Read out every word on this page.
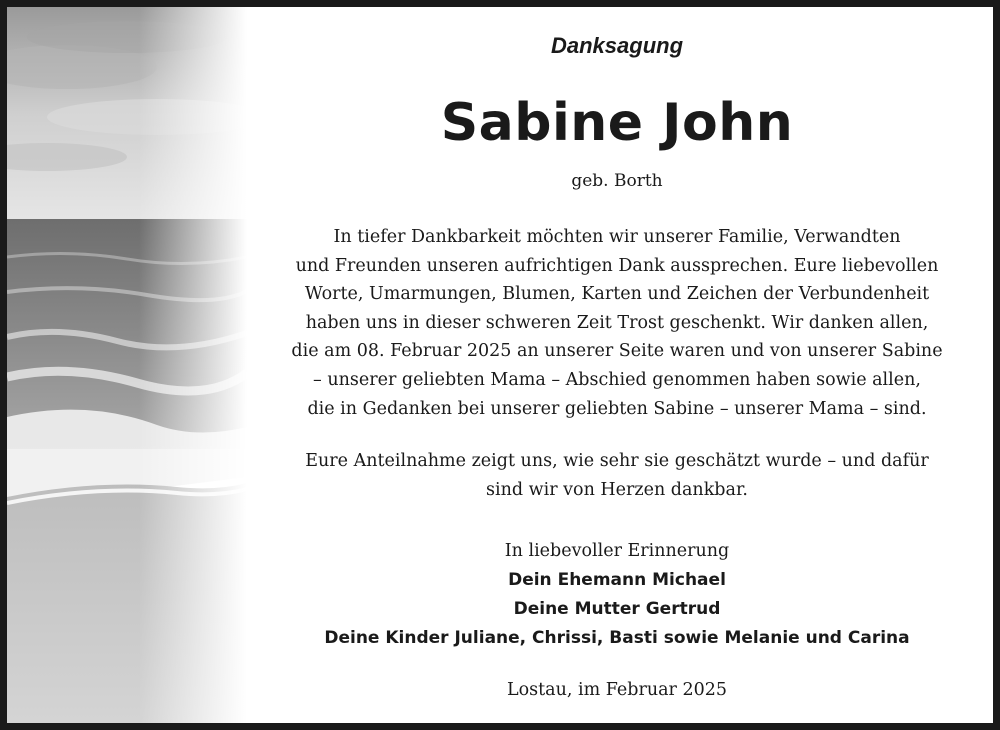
Danksagung
Sabine John
geb. Borth
In tiefer Dankbarkeit möchten wir unserer Familie, Verwandten
und Freunden unseren aufrichtigen Dank aussprechen. Eure liebevollen
Worte, Umarmungen, Blumen, Karten und Zeichen der Verbundenheit
haben uns in dieser schweren Zeit Trost geschenkt. Wir danken allen,
die am 08. Februar 2025 an unserer Seite waren und von unserer Sabine
– unserer geliebten Mama – Abschied genommen haben sowie allen,
die in Gedanken bei unserer geliebten Sabine – unserer Mama – sind.
Eure Anteilnahme zeigt uns, wie sehr sie geschätzt wurde – und dafür
sind wir von Herzen dankbar.
In liebevoller Erinnerung
Dein Ehemann Michael
Deine Mutter Gertrud
Deine Kinder Juliane, Chrissi, Basti sowie Melanie und Carina
Lostau, im Februar 2025
